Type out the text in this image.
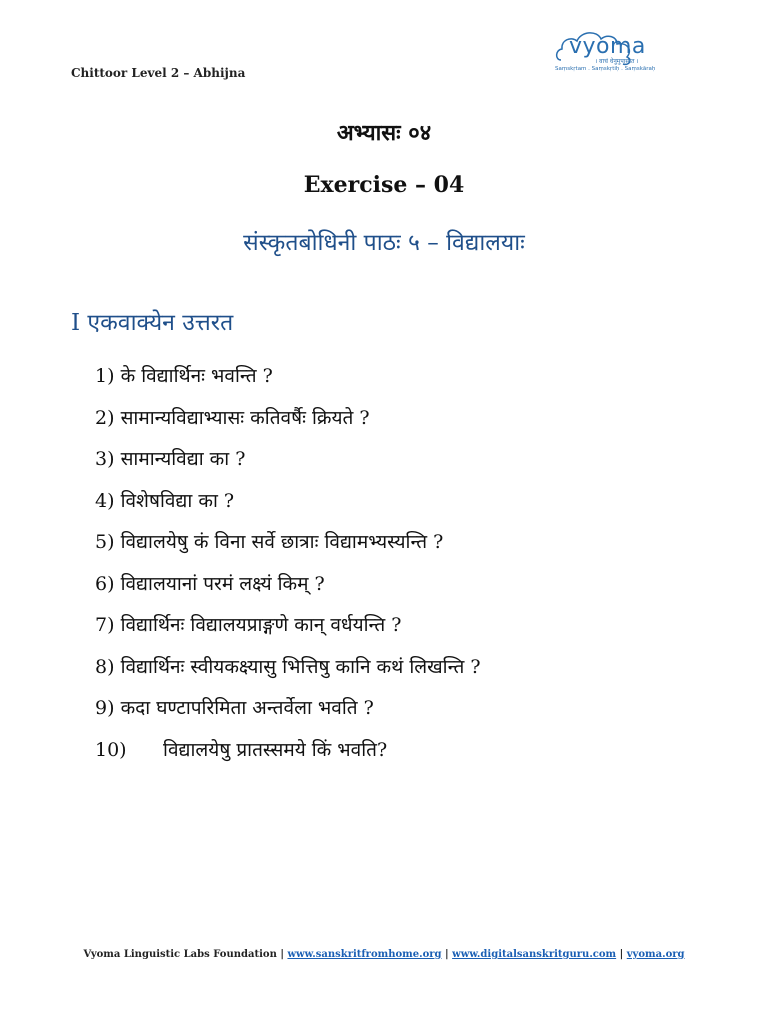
Chittoor Level 2 – Abhijna
vyoma
। वाचं धेनुमुपासीत ।
Saṃskṛtam . Saṃskṛtiḥ . Saṃskāraḥ
अभ्यासः ०४
Exercise – 04
संस्कृतबोधिनी पाठः ५ – विद्यालयाः
I एकवाक्येन उत्तरत
1) के विद्यार्थिनः भवन्ति ?
2) सामान्यविद्याभ्यासः कतिवर्षैः क्रियते ?
3) सामान्यविद्या का ?
4) विशेषविद्या का ?
5) विद्यालयेषु कं विना सर्वे छात्राः विद्यामभ्यस्यन्ति ?
6) विद्यालयानां परमं लक्ष्यं किम् ?
7) विद्यार्थिनः विद्यालयप्राङ्गणे कान् वर्धयन्ति ?
8) विद्यार्थिनः स्वीयकक्ष्यासु भित्तिषु कानि कथं लिखन्ति ?
9) कदा घण्टापरिमिता अन्तर्वेला भवति ?
10) विद्यालयेषु प्रातस्समये किं भवति?
Vyoma Linguistic Labs Foundation | www.sanskritfromhome.org | www.digitalsanskritguru.com | vyoma.org
